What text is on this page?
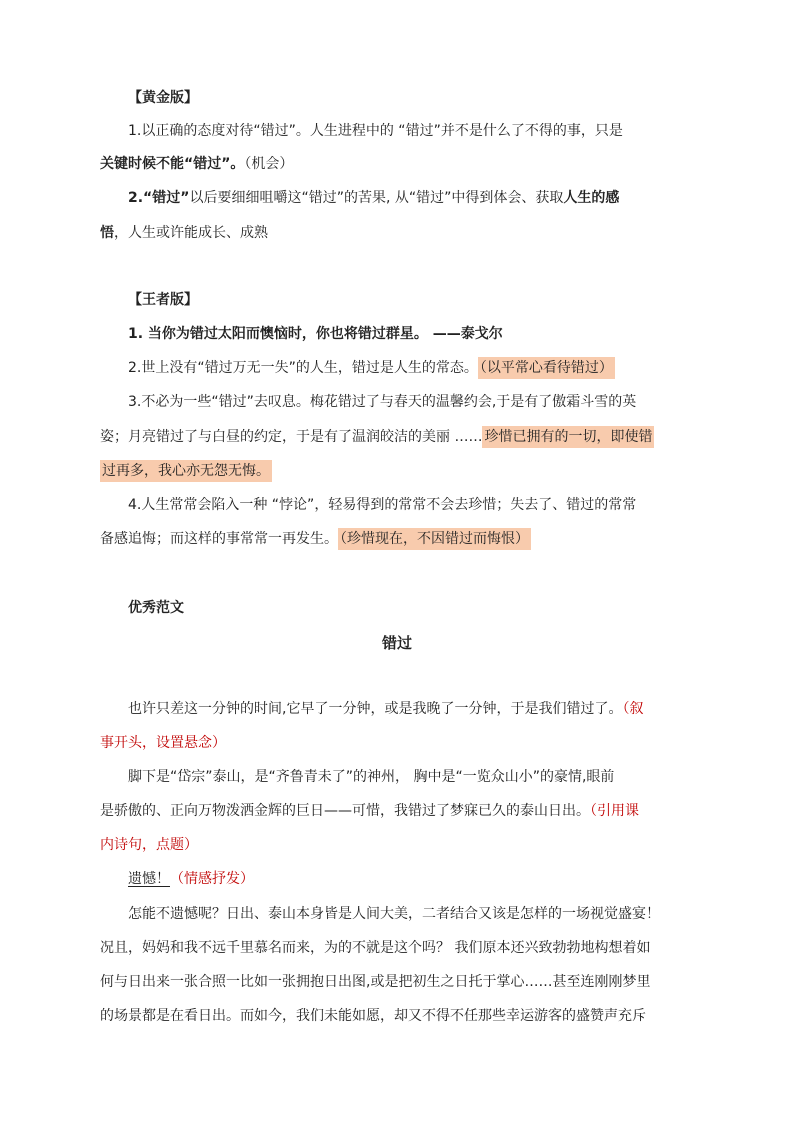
【黄金版】
1.以正确的态度对待“错过”。人生进程中的 “错过”并不是什么了不得的事，只是
关键时候不能“错过”。（机会）
2.“错过”以后要细细咀嚼这“错过”的苦果, 从“错过”中得到体会、获取人生的感
悟，人生或许能成长、成熟
【王者版】
1. 当你为错过太阳而懊恼时，你也将错过群星。 ——泰戈尔
2.世上没有“错过万无一失”的人生，错过是人生的常态。 （以平常心看待错过）
3.不必为一些“错过”去叹息。梅花错过了与春天的温馨约会,于是有了傲霜斗雪的英
姿；月亮错过了与白昼的约定，于是有了温润皎洁的美丽 …… 珍惜已拥有的一切，即使错
过再多，我心亦无怨无悔。
4.人生常常会陷入一种 “悖论”，轻易得到的常常不会去珍惜；失去了、错过的常常
备感追悔；而这样的事常常一再发生。 （珍惜现在，不因错过而悔恨）
优秀范文
错过
也许只差这一分钟的时间,它早了一分钟，或是我晚了一分钟，于是我们错过了。（叙
事开头，设置悬念）
脚下是“岱宗”泰山，是“齐鲁青未了”的神州， 胸中是“一览众山小”的豪情,眼前
是骄傲的、正向万物泼洒金辉的巨日——可惜，我错过了梦寐已久的泰山日出。（引用课
内诗句，点题）
遗憾！（情感抒发）
怎能不遗憾呢？日出、泰山本身皆是人间大美，二者结合又该是怎样的一场视觉盛宴！
况且，妈妈和我不远千里慕名而来，为的不就是这个吗？ 我们原本还兴致勃勃地构想着如
何与日出来一张合照一比如一张拥抱日出图,或是把初生之日托于掌心……甚至连刚刚梦里
的场景都是在看日出。而如今，我们未能如愿，却又不得不任那些幸运游客的盛赞声充斥
